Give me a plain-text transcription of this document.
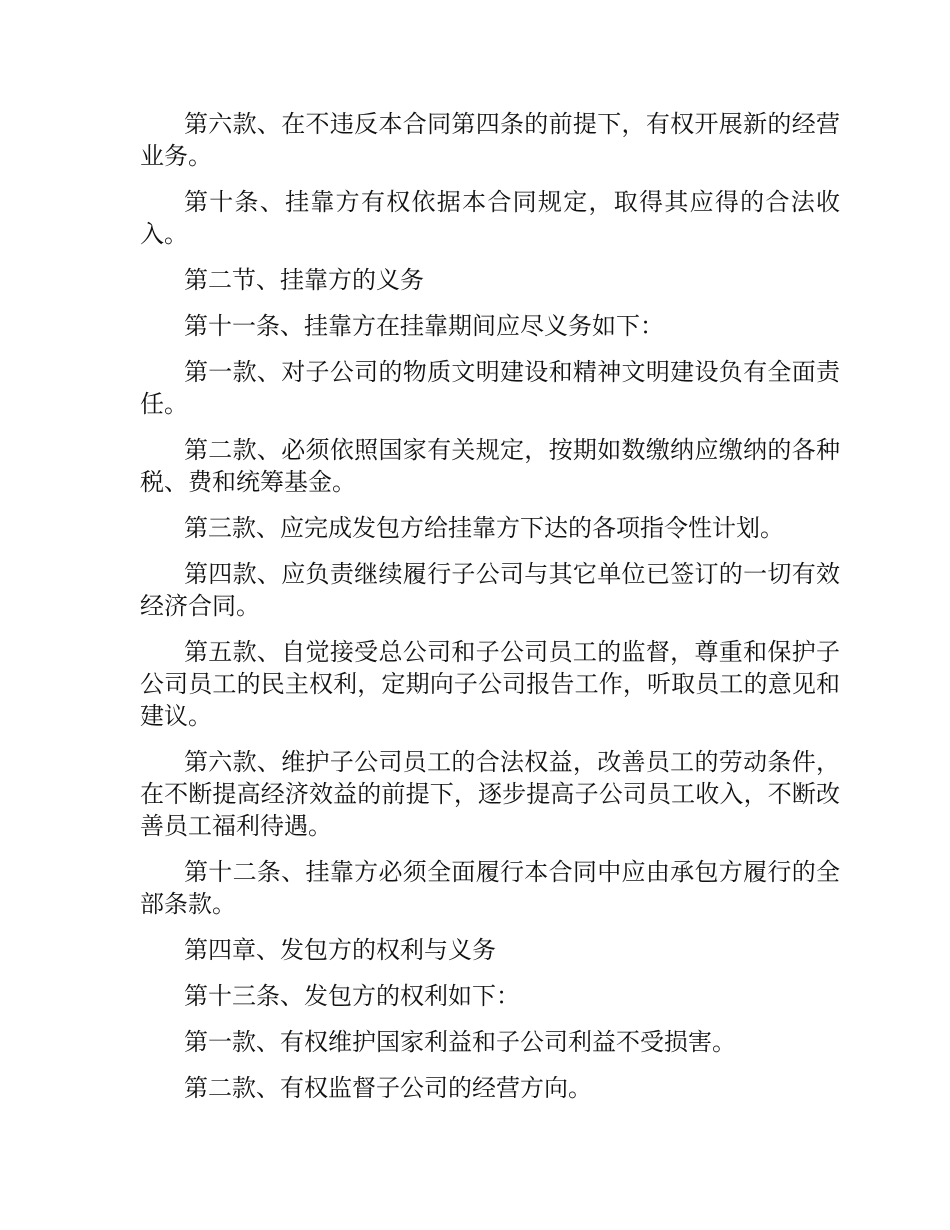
第六款、在不违反本合同第四条的前提下，有权开展新的经营业务。

第十条、挂靠方有权依据本合同规定，取得其应得的合法收入。

第二节、挂靠方的义务

第十一条、挂靠方在挂靠期间应尽义务如下：

第一款、对子公司的物质文明建设和精神文明建设负有全面责任。

第二款、必须依照国家有关规定，按期如数缴纳应缴纳的各种税、费和统筹基金。

第三款、应完成发包方给挂靠方下达的各项指令性计划。

第四款、应负责继续履行子公司与其它单位已签订的一切有效经济合同。

第五款、自觉接受总公司和子公司员工的监督，尊重和保护子公司员工的民主权利，定期向子公司报告工作，听取员工的意见和建议。

第六款、维护子公司员工的合法权益，改善员工的劳动条件，在不断提高经济效益的前提下，逐步提高子公司员工收入，不断改善员工福利待遇。

第十二条、挂靠方必须全面履行本合同中应由承包方履行的全部条款。

第四章、发包方的权利与义务

第十三条、发包方的权利如下：

第一款、有权维护国家利益和子公司利益不受损害。

第二款、有权监督子公司的经营方向。
